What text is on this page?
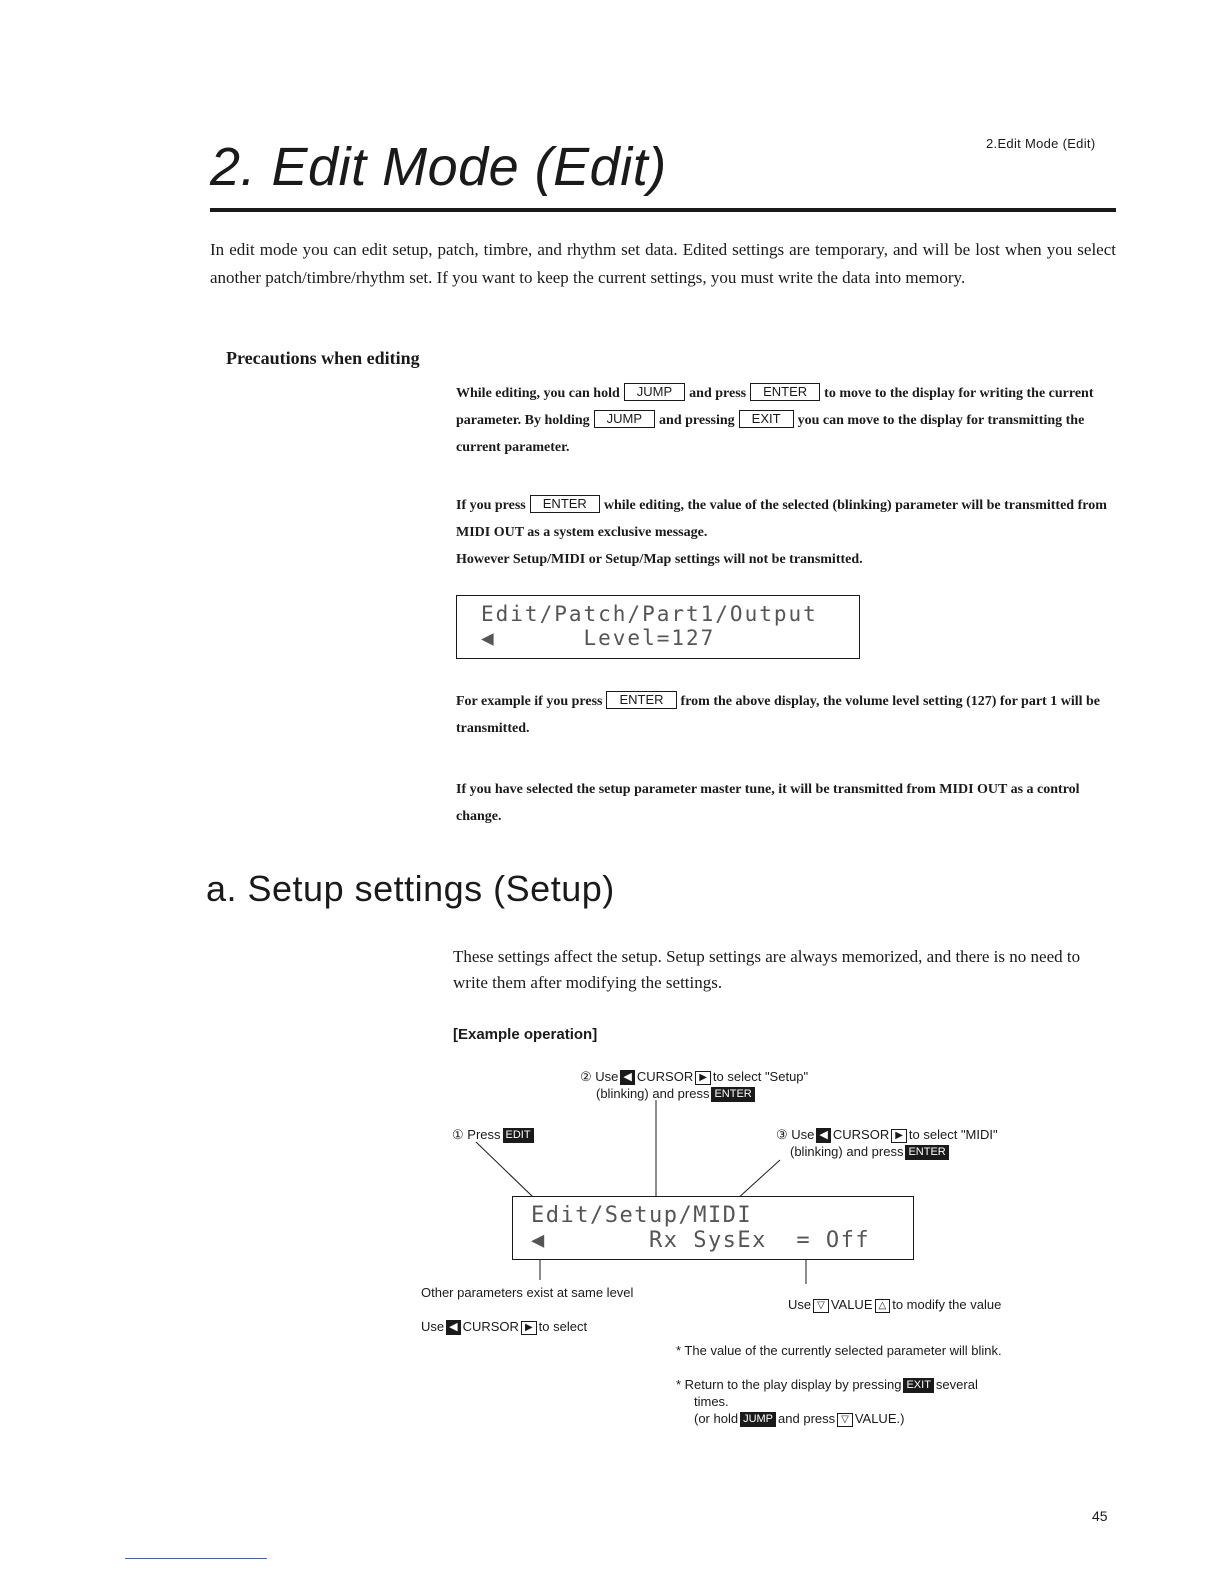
2.Edit Mode (Edit)
2. Edit Mode (Edit)
In edit mode you can edit setup, patch, timbre, and rhythm set data. Edited settings are temporary, and will be lost when you select another patch/timbre/rhythm set. If you want to keep the current settings, you must write the data into memory.
Precautions when editing
While editing, you can hold JUMP and press ENTER to move to the display for writing the current parameter. By holding JUMP and pressing EXIT you can move to the display for transmitting the current parameter.
If you press ENTER while editing, the value of the selected (blinking) parameter will be transmitted from MIDI OUT as a system exclusive message.
However Setup/MIDI or Setup/Map settings will not be transmitted.
Edit/Patch/Part1/Output
◀      Level=127
For example if you press ENTER from the above display, the volume level setting (127) for part 1 will be transmitted.
If you have selected the setup parameter master tune, it will be transmitted from MIDI OUT as a control change.
a. Setup settings (Setup)
These settings affect the setup. Setup settings are always memorized, and there is no need to write them after modifying the settings.
[Example operation]
② Use ◀ CURSOR ▶ to select "Setup"
(blinking) and press ENTER
① Press EDIT	③ Use ◀ CURSOR ▶ to select "MIDI"
(blinking) and press ENTER
Edit/Setup/MIDI
◀       Rx SysEx  = Off
Other parameters exist at same level
Use ◀ CURSOR ▶ to select
Use ▽ VALUE △ to modify the value
* The value of the currently selected parameter will blink.
* Return to the play display by pressing EXIT several
times.
(or hold JUMP and press ▽ VALUE.)
45
